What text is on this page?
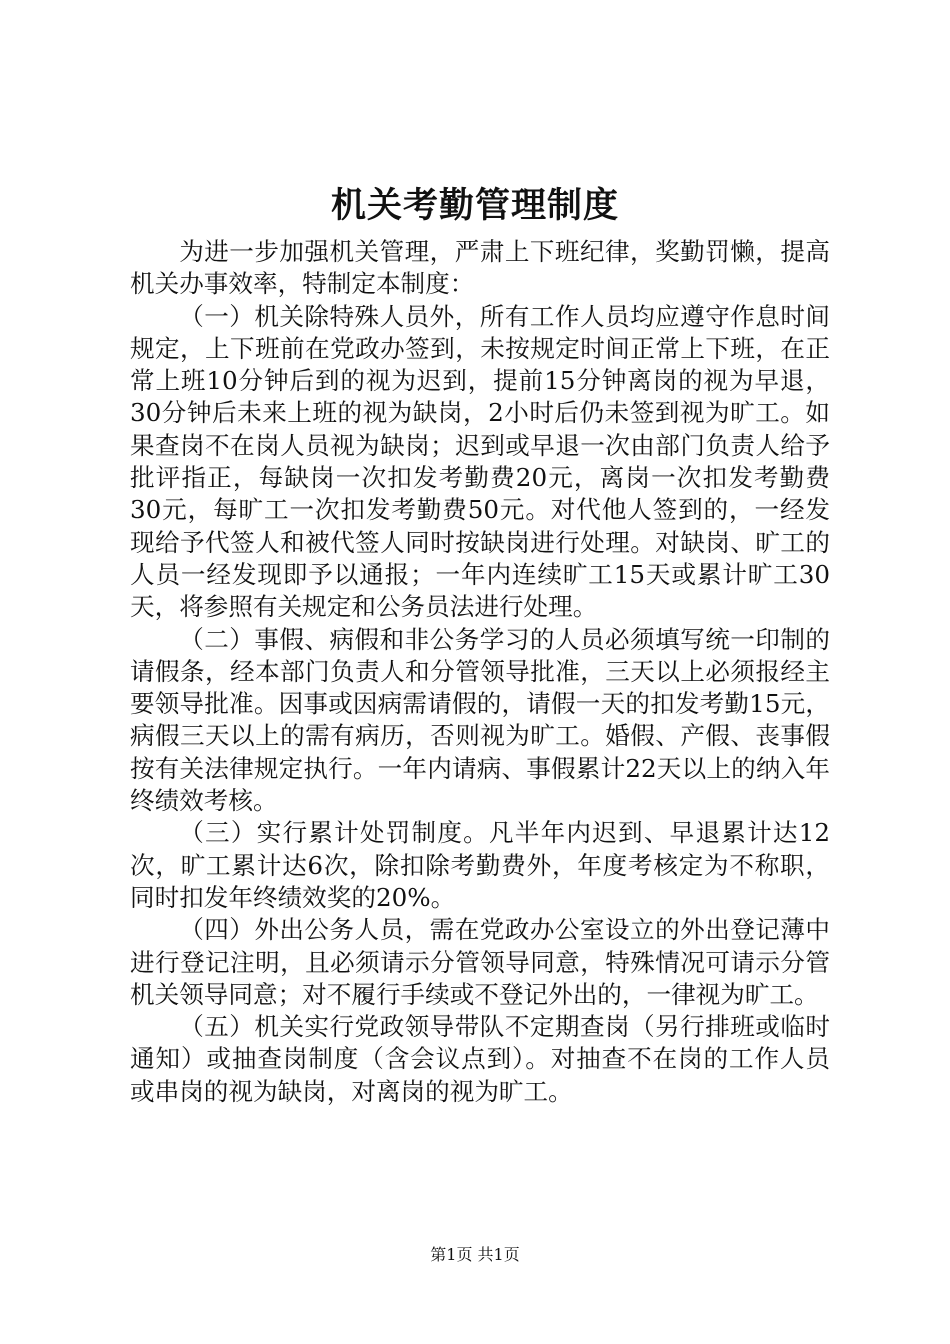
机关考勤管理制度

为进一步加强机关管理，严肃上下班纪律，奖勤罚懒，提高机关办事效率，特制定本制度：

（一）机关除特殊人员外，所有工作人员均应遵守作息时间规定，上下班前在党政办签到，未按规定时间正常上下班，在正常上班10分钟后到的视为迟到，提前15分钟离岗的视为早退，30分钟后未来上班的视为缺岗，2小时后仍未签到视为旷工。如果查岗不在岗人员视为缺岗；迟到或早退一次由部门负责人给予批评指正，每缺岗一次扣发考勤费20元，离岗一次扣发考勤费30元，每旷工一次扣发考勤费50元。对代他人签到的，一经发现给予代签人和被代签人同时按缺岗进行处理。对缺岗、旷工的人员一经发现即予以通报；一年内连续旷工15天或累计旷工30天，将参照有关规定和公务员法进行处理。

（二）事假、病假和非公务学习的人员必须填写统一印制的请假条，经本部门负责人和分管领导批准，三天以上必须报经主要领导批准。因事或因病需请假的，请假一天的扣发考勤15元，病假三天以上的需有病历，否则视为旷工。婚假、产假、丧事假按有关法律规定执行。一年内请病、事假累计22天以上的纳入年终绩效考核。

（三）实行累计处罚制度。凡半年内迟到、早退累计达12次，旷工累计达6次，除扣除考勤费外，年度考核定为不称职，同时扣发年终绩效奖的20%。

（四）外出公务人员，需在党政办公室设立的外出登记薄中进行登记注明，且必须请示分管领导同意，特殊情况可请示分管机关领导同意；对不履行手续或不登记外出的，一律视为旷工。

（五）机关实行党政领导带队不定期查岗（另行排班或临时通知）或抽查岗制度（含会议点到）。对抽查不在岗的工作人员或串岗的视为缺岗，对离岗的视为旷工。

第1页 共1页
